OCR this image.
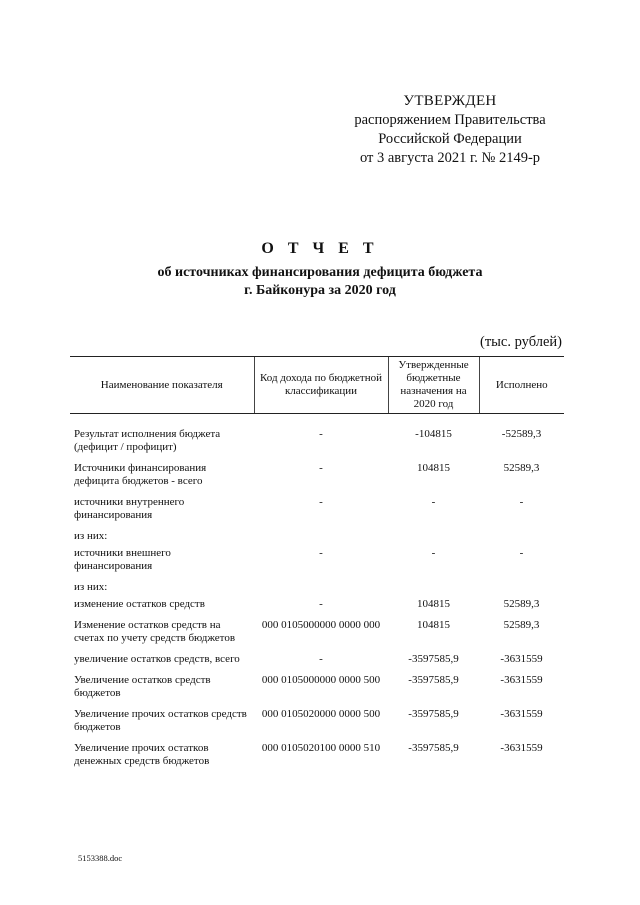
УТВЕРЖДЕН
распоряжением Правительства
Российской Федерации
от 3 августа 2021 г. № 2149-р
О Т Ч Е Т
об источниках финансирования дефицита бюджета
г. Байконура за 2020 год
(тыс. рублей)
Наименование показателя	Код дохода по бюджетной классификации	Утвержденные бюджетные назначения на 2020 год	Исполнено

Результат исполнения бюджета (дефицит / профицит)	-	-104815	-52589,3
Источники финансирования дефицита бюджетов - всего	-	104815	52589,3
источники внутреннего финансирования	-	-	-
из них:			
источники внешнего финансирования	-	-	-
из них:			
изменение остатков средств	-	104815	52589,3
Изменение остатков средств на счетах по учету средств бюджетов	000 0105000000 0000 000	104815	52589,3
увеличение остатков средств, всего	-	-3597585,9	-3631559
Увеличение остатков средств бюджетов	000 0105000000 0000 500	-3597585,9	-3631559
Увеличение прочих остатков средств бюджетов	000 0105020000 0000 500	-3597585,9	-3631559
Увеличение прочих остатков денежных средств бюджетов	000 0105020100 0000 510	-3597585,9	-3631559
5153388.doc
